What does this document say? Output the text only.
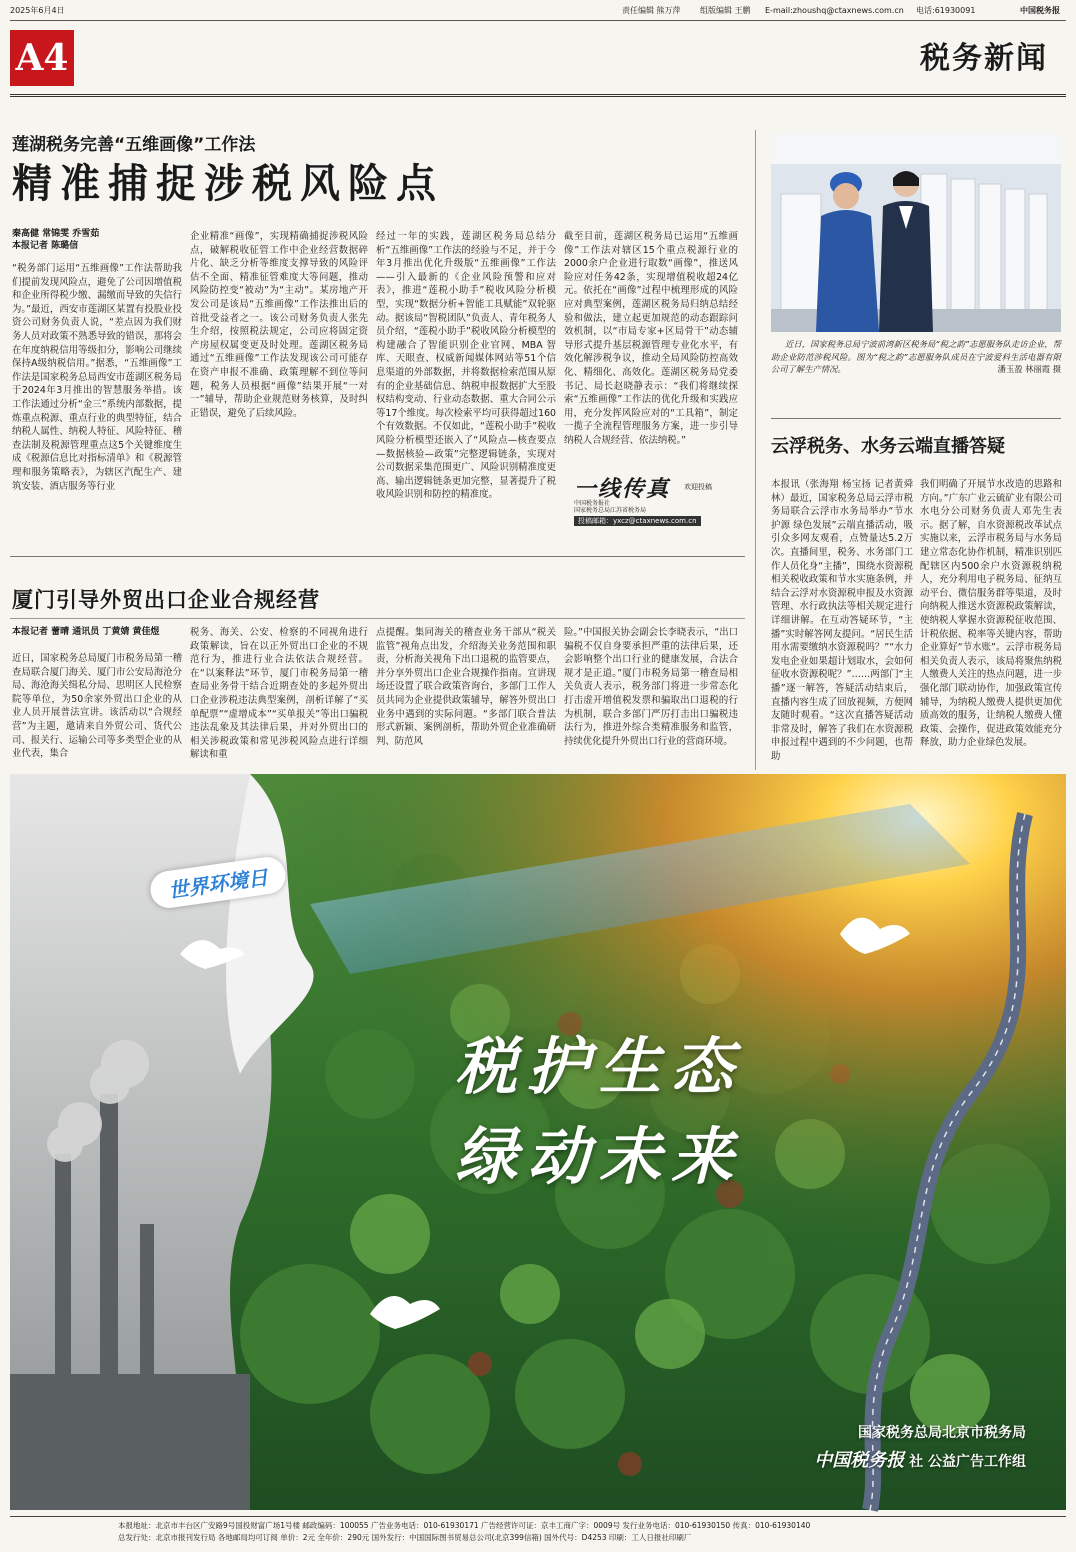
2025年6月4日	责任编辑 熊万萍 组版编辑 王鹏 E-mail:zhoushq@ctaxnews.com.cn 电话:61930091	中国税务报
A4	税务新闻
莲湖税务完善“五维画像”工作法
精准捕捉涉税风险点
秦高健 常锦雯 乔雪茹
本报记者 陈璐信
“税务部门运用“五维画像”工作法帮助我们提前发现风险点，避免了公司因增值税和企业所得税少缴、漏缴而导致的失信行为。”最近，西安市莲湖区某置有投股业投资公司财务负责人说，“差点因为我们财务人员对政策不熟悉导致的错误，那将会在年度纳税信用等级扣分，影响公司继续保持A级纳税信用。”据悉，“五维画像”工作法是国家税务总局西安市莲湖区税务局于2024年3月推出的智慧服务举措。该工作法通过分析“金三”系统内部数据，提炼重点税源、重点行业的典型特征，结合纳税人属性、纳税人特征、风险特征、稽查法制及税源管理重点这5个关键维度生成《税源信息比对指标清单》和《税源管理和服务策略表》，为辖区汽配生产、建筑安装、酒店服务等行业
企业精准“画像”，实现精确捕捉涉税风险点，破解税收征管工作中企业经营数据碎片化、缺乏分析等维度支撑导致的风险评估不全面、精准征管难度大等问题，推动风险防控变“被动”为“主动”。某房地产开发公司是该局“五维画像”工作法推出后的首批受益者之一。该公司财务负责人张先生介绍，按照税法规定，公司应将固定资产房屋权属变更及时处理。莲湖区税务局通过“五维画像”工作法发现该公司可能存在资产申报不准确、政策理解不到位等问题，税务人员根据“画像”结果开展“一对一”辅导，帮助企业规范财务核算，及时纠正错误，避免了后续风险。
经过一年的实践，莲湖区税务局总结分析“五维画像”工作法的经验与不足，并于今年3月推出优化升级版“五维画像”工作法——引入最新的《企业风险预警和应对表》，推进“莲税小助手”税收风险分析模型，实现“数据分析+智能工具赋能”双轮驱动。据该局“智税团队”负责人、青年税务人员介绍，“莲税小助手”税收风险分析模型的构建融合了智能识别企业官网、MBA 智库、天眼查、权威新闻媒体网站等51个信息渠道的外部数据，并将数据检索范围从原有的企业基础信息、纳税申报数据扩大至股权结构变动、行业动态数据、重大合同公示等17个维度。每次检索平均可获得超过160个有效数据。不仅如此，“莲税小助手”税收风险分析模型还嵌入了“风险点—核查要点—数据核验—政策”完整逻辑链条，实现对公司数据采集范围更广、风险识别精准度更高、输出逻辑链条更加完整，显著提升了税收风险识别和防控的精准度。
截至目前，莲湖区税务局已运用“五维画像”工作法对辖区15个重点税源行业的2000余户企业进行取数“画像”，推送风险应对任务42条，实现增值税收超24亿元。依托在“画像”过程中梳理形成的风险应对典型案例，莲湖区税务局归纳总结经验和做法，建立起更加规范的动态跟踪问效机制，以“市局专家+区局骨干”动态辅导形式提升基层税源管理专业化水平，有效化解涉税争议，推动全局风险防控高效化、精细化、高效化。莲湖区税务局党委书记、局长赵晓静表示：“我们将继续探索“五维画像”工作法的优化升级和实践应用，充分发挥风险应对的“工具箱”，制定一揽子全流程管理服务方案，进一步引导纳税人合规经营、依法纳税。”
一线传真 欢迎投稿
中国税务报社
国家税务总局江苏省税务局
投稿邮箱：yxcz@ctaxnews.com.cn
近日，国家税务总局宁波前湾新区税务局“税之韵”志愿服务队走访企业，帮助企业防范涉税风险。图为“税之韵”志愿服务队成员在宁波爱科生活电器有限公司了解生产情况。	潘玉盈 林丽霞 摄
云浮税务、水务云端直播答疑
本报讯（张海翔 杨宝扬 记者黄舜林）最近，国家税务总局云浮市税务局联合云浮市水务局举办“节水护源 绿色发展”云端直播活动，吸引众多网友观看，点赞量达5.2万次。直播间里，税务、水务部门工作人员化身“主播”，围绕水资源税相关税收政策和节水实施条例，并结合云浮对水资源税申报及水资源管理、水行政执法等相关规定进行详细讲解。在互动答疑环节，“主播”实时解答网友提问。“居民生活用水需要缴纳水资源税吗？”“水力发电企业如果超计划取水，会如何征收水资源税呢？”……两部门“主播”逐一解答，答疑活动结束后，直播内容生成了回放视频，方便网友随时观看。“这次直播答疑活动非常及时，解答了我们在水资源税申报过程中遇到的不少问题，也帮助
我们明确了开展节水改造的思路和方向。”广东广业云硫矿业有限公司水电分公司财务负责人邓先生表示。据了解，自水资源税改革试点实施以来，云浮市税务局与水务局建立常态化协作机制，精准识别匹配辖区内500余户水资源税纳税人，充分利用电子税务局、征纳互动平台、微信服务群等渠道，及时向纳税人推送水资源税政策解读，使纳税人掌握水资源税征收范围、计税依据、税率等关键内容，帮助企业算好“节水账”。云浮市税务局相关负责人表示，该局将聚焦纳税人缴费人关注的热点问题，进一步强化部门联动协作，加强政策宣传辅导，为纳税人缴费人提供更加优质高效的服务，让纳税人缴费人懂政策、会操作，促进政策效能充分释放，助力企业绿色发展。
厦门引导外贸出口企业合规经营
本报记者 蕾晴 通讯员 丁黄婧 黄佳煜
近日，国家税务总局厦门市税务局第一稽查局联合厦门海关、厦门市公安局海沧分局、海沧海关缉私分局、思明区人民检察院等单位，为50余家外贸出口企业的从业人员开展普法宣讲。该活动以“合规经营”为主题，邀请来自外贸公司、货代公司、报关行、运输公司等多类型企业的从业代表，集合
税务、海关、公安、检察的不同视角进行政策解读，旨在以正外贸出口企业的不规范行为，推进行业合法依法合规经营。在“以案释法”环节，厦门市税务局第一稽查局业务骨干结合近期查处的多起外贸出口企业涉税违法典型案例，剖析详解了“买单配票”“虚增成本”“买单报关”等出口骗税违法乱象及其法律后果，并对外贸出口的相关涉税政策和常见涉税风险点进行详细解读和重
点提醒。集同海关的稽查业务干部从“税关监管”视角点出发，介绍海关业务范围和职责，分析海关视角下出口退税的监管要点，并分享外贸出口企业合规操作指南。宣讲现场还设置了联合政策咨询台，多部门工作人员共同为企业提供政策辅导，解答外贸出口业务中遇到的实际问题。“多部门联合普法形式新颖、案例剖析，帮助外贸企业准确研判、防范风
险。”中国报关协会副会长李晓表示，“出口骗税不仅自身要承担严重的法律后果，还会影响整个出口行业的健康发展，合法合规才是正道。”厦门市税务局第一稽查局相关负责人表示，税务部门将进一步常态化打击虚开增值税发票和骗取出口退税的行为机制，联合多部门严厉打击出口骗税违法行为，推进外综合类精准服务和监管，持续优化提升外贸出口行业的营商环境。
世界环境日
税护生态
绿动未来
国家税务总局北京市税务局
中国税务报 社 公益广告工作组
本报地址：北京市丰台区广安路9号国投财富广场1号楼 邮政编码：100055 广告业务电话：010-61930171 广告经营许可证：京丰工商广字：0009号 发行业务电话：010-61930150 传真：010-61930140
总发行处：北京市报刊发行局 各地邮局均可订阅 单价：2元 全年价：290元 国外发行：中国国际图书贸易总公司(北京399信箱) 国外代号：D4253 印刷：工人日报社印刷厂
